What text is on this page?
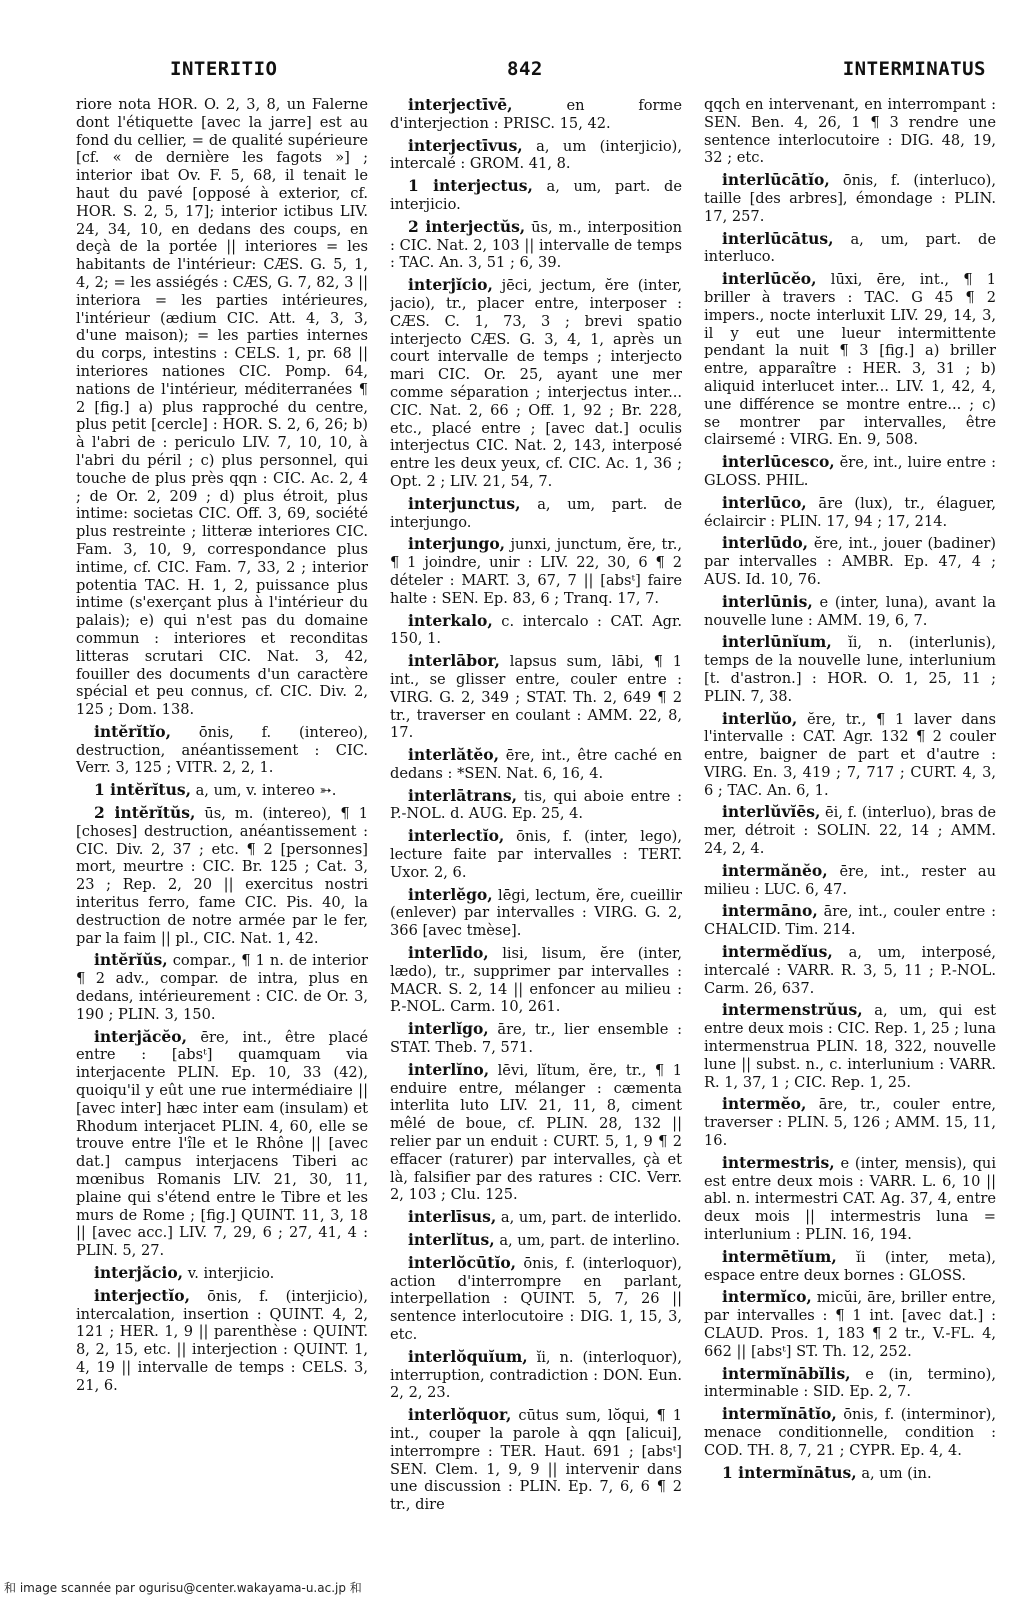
INTERITIO	842	INTERMINATUS

riore nota HOR. O. 2, 3, 8, un Falerne dont l'étiquette [avec la jarre] est au fond du cellier, = de qualité supérieure [cf. « de dernière les fagots »] ; interior ibat Ov. F. 5, 68, il tenait le haut du pavé [opposé à exterior, cf. HOR. S. 2, 5, 17]; interior ictibus LIV. 24, 34, 10, en dedans des coups, en deçà de la portée || interiores = les habitants de l'intérieur: CÆS. G. 5, 1, 4, 2; = les assiégés : CÆS, G. 7, 82, 3 || interiora = les parties intérieures, l'intérieur (ædium CIC. Att. 4, 3, 3, d'une maison); = les parties internes du corps, intestins : CELS. 1, pr. 68 || interiores nationes CIC. Pomp. 64, nations de l'intérieur, méditerranées ¶ 2 [fig.] a) plus rapproché du centre, plus petit [cercle] : HOR. S. 2, 6, 26; b) à l'abri de : periculo LIV. 7, 10, 10, à l'abri du péril ; c) plus personnel, qui touche de plus près qqn : CIC. Ac. 2, 4 ; de Or. 2, 209 ; d) plus étroit, plus intime: societas CIC. Off. 3, 69, société plus restreinte ; litteræ interiores CIC. Fam. 3, 10, 9, correspondance plus intime, cf. CIC. Fam. 7, 33, 2 ; interior potentia TAC. H. 1, 2, puissance plus intime (s'exerçant plus à l'intérieur du palais); e) qui n'est pas du domaine commun : interiores et reconditas litteras scrutari CIC. Nat. 3, 42, fouiller des documents d'un caractère spécial et peu connus, cf. CIC. Div. 2, 125 ; Dom. 138.

intĕrĭtĭo, ōnis, f. (intereo), destruction, anéantissement : CIC. Verr. 3, 125 ; VITR. 2, 2, 1.

1 intĕrĭtus, a, um, v. intereo ➳.

2 intĕrĭtŭs, ūs, m. (intereo), ¶ 1 [choses] destruction, anéantissement : CIC. Div. 2, 37 ; etc. ¶ 2 [personnes] mort, meurtre : CIC. Br. 125 ; Cat. 3, 23 ; Rep. 2, 20 || exercitus nostri interitus ferro, fame CIC. Pis. 40, la destruction de notre armée par le fer, par la faim || pl., CIC. Nat. 1, 42.

intĕrĭŭs, compar., ¶ 1 n. de interior ¶ 2 adv., compar. de intra, plus en dedans, intérieurement : CIC. de Or. 3, 190 ; PLIN. 3, 150.

interjăcĕo, ēre, int., être placé entre : [absᵗ] quamquam via interjacente PLIN. Ep. 10, 33 (42), quoiqu'il y eût une rue intermédiaire || [avec inter] hæc inter eam (insulam) et Rhodum interjacet PLIN. 4, 60, elle se trouve entre l'île et le Rhône || [avec dat.] campus interjacens Tiberi ac mœnibus Romanis LIV. 21, 30, 11, plaine qui s'étend entre le Tibre et les murs de Rome ; [fig.] QUINT. 11, 3, 18 || [avec acc.] LIV. 7, 29, 6 ; 27, 41, 4 : PLIN. 5, 27.

interjăcio, v. interjicio.

interjectĭo, ōnis, f. (interjicio), intercalation, insertion : QUINT. 4, 2, 121 ; HER. 1, 9 || parenthèse : QUINT. 8, 2, 15, etc. || interjection : QUINT. 1, 4, 19 || intervalle de temps : CELS. 3, 21, 6.

interjectīvē,	en forme d'interjection : PRISC. 15, 42.

interjectīvus, a, um (interjicio), intercalé : GROM. 41, 8.

1 interjectus, a, um, part. de interjicio.

2 interjectŭs, ūs, m., interposition : CIC. Nat. 2, 103 || intervalle de temps : TAC. An. 3, 51 ; 6, 39.

interjĭcio, jēci, jectum, ĕre (inter, jacio), tr., placer entre, interposer : CÆS. C. 1, 73, 3 ; brevi spatio interjecto CÆS. G. 3, 4, 1, après un court intervalle de temps ; interjecto mari CIC. Or. 25, ayant une mer comme séparation ; interjectus inter... CIC. Nat. 2, 66 ; Off. 1, 92 ; Br. 228, etc., placé entre ; [avec dat.] oculis interjectus CIC. Nat. 2, 143, interposé entre les deux yeux, cf. CIC. Ac. 1, 36 ; Opt. 2 ; LIV. 21, 54, 7.

interjunctus, a, um, part. de interjungo.

interjungo, junxi, junctum, ĕre, tr., ¶ 1 joindre, unir : LIV. 22, 30, 6 ¶ 2 dételer : MART. 3, 67, 7 || [absᵗ] faire halte : SEN. Ep. 83, 6 ; Tranq. 17, 7.

interkalo, c. intercalo : CAT. Agr. 150, 1.

interlābor, lapsus sum, lābi, ¶ 1 int., se glisser entre, couler entre : VIRG. G. 2, 349 ; STAT. Th. 2, 649 ¶ 2 tr., traverser en coulant : AMM. 22, 8, 17.

interlătĕo, ēre, int., être caché en dedans : *SEN. Nat. 6, 16, 4.

interlātrans, tis, qui aboie entre : P.-NOL. d. AUG. Ep. 25, 4.

interlectĭo, ōnis, f. (inter, lego), lecture faite par intervalles : TERT. Uxor. 2, 6.

interlĕgo, lēgi, lectum, ĕre, cueillir (enlever) par intervalles : VIRG. G. 2, 366 [avec tmèse].

interlīdo, lisi, lisum, ĕre (inter, lædo), tr., supprimer par intervalles : MACR. S. 2, 14 || enfoncer au milieu : P.-NOL. Carm. 10, 261.

interlĭgo, āre, tr., lier ensemble : STAT. Theb. 7, 571.

interlĭno, lēvi, lĭtum, ĕre, tr., ¶ 1 enduire entre, mélanger : cæmenta interlita luto LIV. 21, 11, 8, ciment mêlé de boue, cf. PLIN. 28, 132 || relier par un enduit : CURT. 5, 1, 9 ¶ 2 effacer (raturer) par intervalles, çà et là, falsifier par des ratures : CIC. Verr. 2, 103 ; Clu. 125.

interlīsus, a, um, part. de interlido.

interlĭtus, a, um, part. de interlino.

interlŏcūtĭo, ōnis, f. (interloquor), action d'interrompre en parlant, interpellation : QUINT. 5, 7, 26 || sentence interlocutoire : DIG. 1, 15, 3, etc.

interlŏquĭum, ĭi, n. (interloquor), interruption, contradiction : DON. Eun. 2, 2, 23.

interlŏquor, cūtus sum, lŏqui, ¶ 1 int., couper la parole à qqn [alicui], interrompre : TER. Haut. 691 ; [absᵗ] SEN. Clem. 1, 9, 9 || intervenir dans une discussion : PLIN. Ep. 7, 6, 6 ¶ 2 tr., dire

qqch en intervenant, en interrompant : SEN. Ben. 4, 26, 1 ¶ 3 rendre une sentence interlocutoire : DIG. 48, 19, 32 ; etc.

interlūcātĭo, ōnis, f. (interluco), taille [des arbres], émondage : PLIN. 17, 257.

interlūcātus, a, um, part. de interluco.

interlūcĕo, lūxi, ēre, int., ¶ 1 briller à travers : TAC. G 45 ¶ 2 impers., nocte interluxit LIV. 29, 14, 3, il y eut une lueur intermittente pendant la nuit ¶ 3 [fig.] a) briller entre, apparaître : HER. 3, 31 ; b) aliquid interlucet inter... LIV. 1, 42, 4, une différence se montre entre... ; c) se montrer par intervalles, être clairsemé : VIRG. En. 9, 508.

interlūcesco, ĕre, int., luire entre : GLOSS. PHIL.

interlūco, āre (lux), tr., élaguer, éclaircir : PLIN. 17, 94 ; 17, 214.

interlūdo, ĕre, int., jouer (badiner) par intervalles : AMBR. Ep. 47, 4 ; AUS. Id. 10, 76.

interlūnis, e (inter, luna), avant la nouvelle lune : AMM. 19, 6, 7.

interlūnĭum, ĭi, n. (interlunis), temps de la nouvelle lune, interlunium [t. d'astron.] : HOR. O. 1, 25, 11 ; PLIN. 7, 38.

interlŭo, ĕre, tr., ¶ 1 laver dans l'intervalle : CAT. Agr. 132 ¶ 2 couler entre, baigner de part et d'autre : VIRG. En. 3, 419 ; 7, 717 ; CURT. 4, 3, 6 ; TAC. An. 6, 1.

interlŭvĭēs, ēi, f. (interluo), bras de mer, détroit : SOLIN. 22, 14 ; AMM. 24, 2, 4.

intermănĕo, ēre, int., rester au milieu : LUC. 6, 47.

intermāno, āre, int., couler entre : CHALCID. Tim. 214.

intermĕdĭus, a, um, interposé, intercalé : VARR. R. 3, 5, 11 ; P.-NOL. Carm. 26, 637.

intermenstrŭus, a, um, qui est entre deux mois : CIC. Rep. 1, 25 ; luna intermenstrua PLIN. 18, 322, nouvelle lune || subst. n., c. interlunium : VARR. R. 1, 37, 1 ; CIC. Rep. 1, 25.

intermĕo, āre, tr., couler entre, traverser : PLIN. 5, 126 ; AMM. 15, 11, 16.

intermestris, e (inter, mensis), qui est entre deux mois : VARR. L. 6, 10 || abl. n. intermestri CAT. Ag. 37, 4, entre deux mois || intermestris luna = interlunium : PLIN. 16, 194.

intermētĭum, ĭi (inter, meta), espace entre deux bornes : GLOSS.

intermĭco, micŭi, āre, briller entre, par intervalles : ¶ 1 int. [avec dat.] : CLAUD. Pros. 1, 183 ¶ 2 tr., V.-FL. 4, 662 || [absᵗ] ST. Th. 12, 252.

intermĭnābĭlis, e (in, termino), interminable : SID. Ep. 2, 7.

intermĭnātĭo, ōnis, f. (interminor), menace conditionnelle, condition : COD. TH. 8, 7, 21 ; CYPR. Ep. 4, 4.

1 intermĭnātus, a, um (in.

和 image scannée par ogurisu@center.wakayama-u.ac.jp 和
